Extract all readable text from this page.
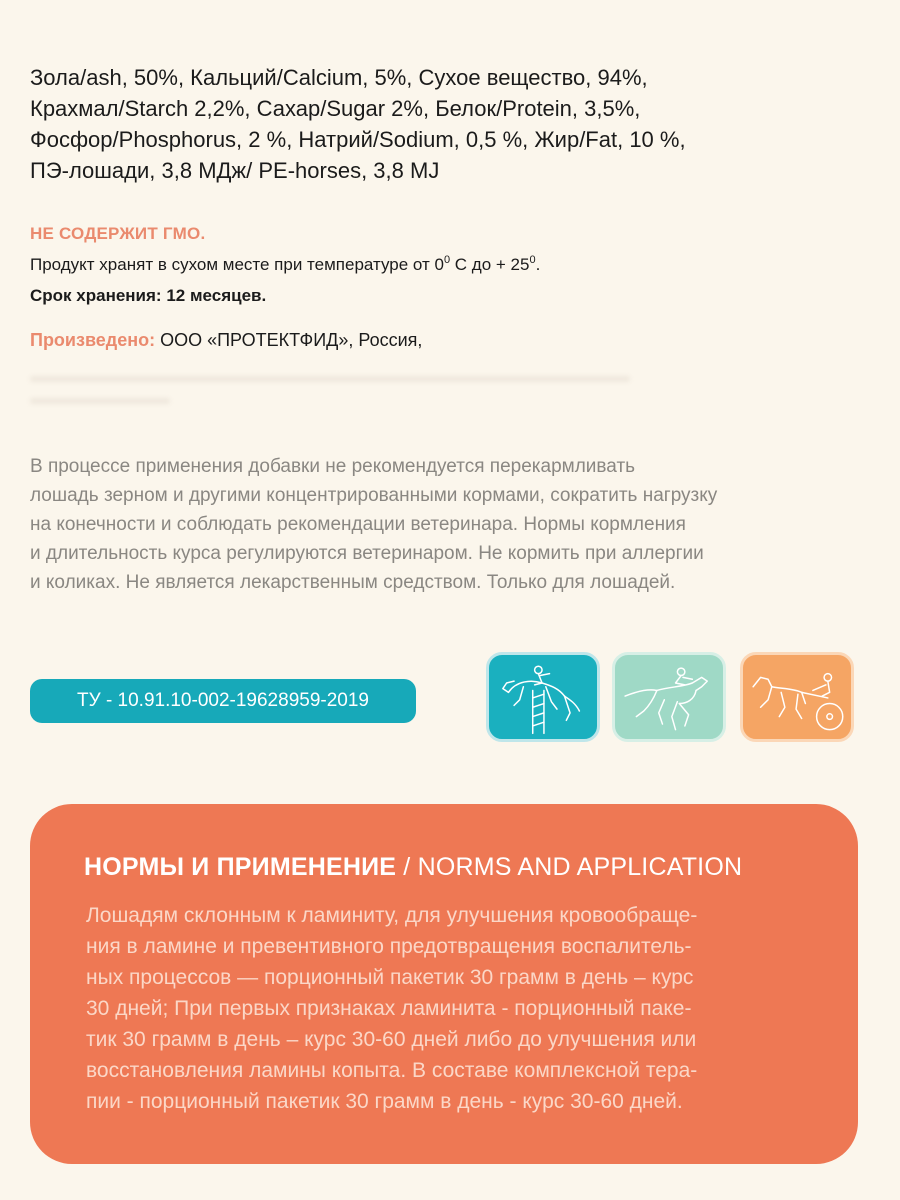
Зола/ash, 50%, Кальций/Calcium, 5%, Сухое вещество, 94%,
Крахмал/Starch 2,2%, Сахар/Sugar 2%, Белок/Protein, 3,5%,
Фосфор/Phosphorus, 2 %, Натрий/Sodium, 0,5 %, Жир/Fat, 10 %,
ПЭ-лошади, 3,8 МДж/ PE-horses, 3,8 MJ
НЕ СОДЕРЖИТ ГМО.
Продукт хранят в сухом месте при температуре от $0^0$ С до + $25^0$.
Срок хранения: 12 месяцев.
Произведено: ООО «ПРОТЕКТФИД», Россия,
В процессе применения добавки не рекомендуется перекармливать
лошадь зерном и другими концентрированными кормами, сократить нагрузку
на конечности и соблюдать рекомендации ветеринара. Нормы кормления
и длительность курса регулируются ветеринаром. Не кормить при аллергии
и коликах. Не является лекарственным средством. Только для лошадей.
ТУ - 10.91.10-002-19628959-2019
НОРМЫ И ПРИМЕНЕНИЕ / NORMS AND APPLICATION
Лошадям склонным к ламиниту, для улучшения кровообраще-
ния в ламине и превентивного предотвращения воспалитель-
ных процессов — порционный пакетик 30 грамм в день – курс
30 дней; При первых признаках ламинита - порционный паке-
тик 30 грамм в день – курс 30-60 дней либо до улучшения или
восстановления ламины копыта. В составе комплексной тера-
пии - порционный пакетик 30 грамм в день - курс 30-60 дней.
